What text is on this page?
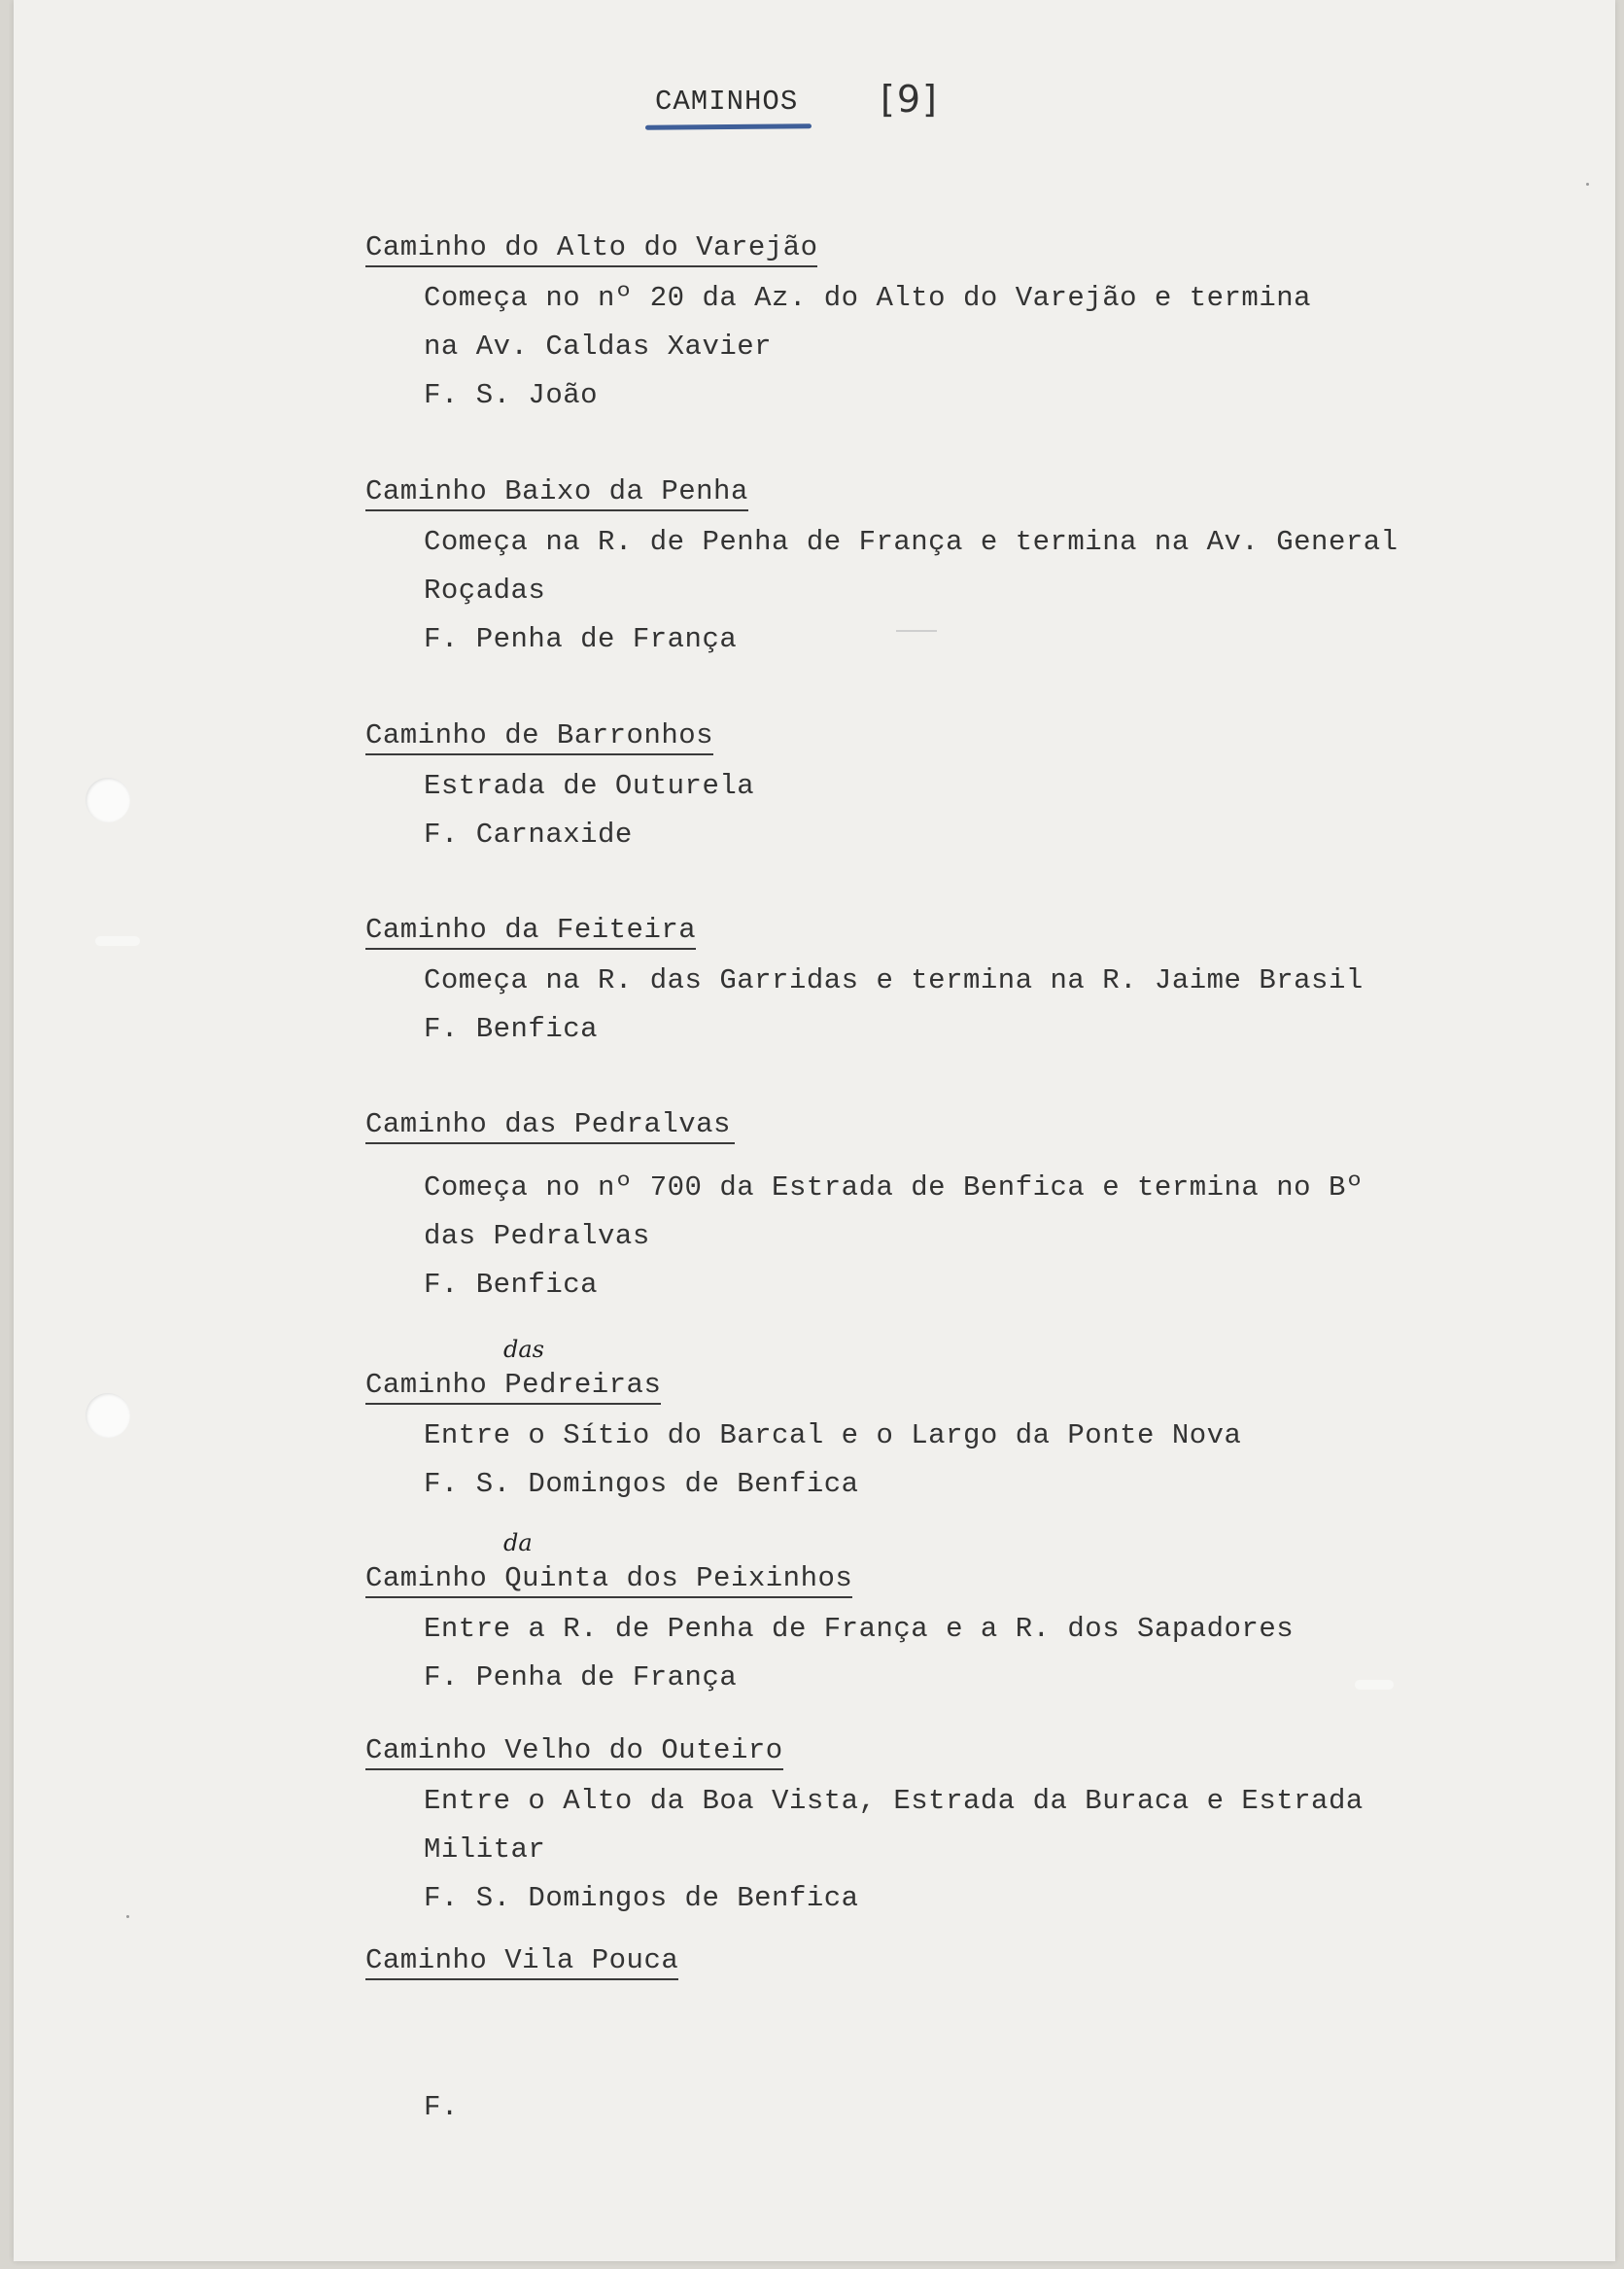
CAMINHOS [9]
Caminho do Alto do Varejão
Começa no nº 20 da Az. do Alto do Varejão e termina
na Av. Caldas Xavier
F. S. João
Caminho Baixo da Penha
Começa na R. de Penha de França e termina na Av. General
Roçadas
F. Penha de França
Caminho de Barronhos
Estrada de Outurela
F. Carnaxide
Caminho da Feiteira
Começa na R. das Garridas e termina na R. Jaime Brasil
F. Benfica
Caminho das Pedralvas
Começa no nº 700 da Estrada de Benfica e termina no Bº
das Pedralvas
F. Benfica
das
Caminho Pedreiras
Entre o Sítio do Barcal e o Largo da Ponte Nova
F. S. Domingos de Benfica
da
Caminho Quinta dos Peixinhos
Entre a R. de Penha de França e a R. dos Sapadores
F. Penha de França
Caminho Velho do Outeiro
Entre o Alto da Boa Vista, Estrada da Buraca e Estrada
Militar
F. S. Domingos de Benfica
Caminho Vila Pouca
F.
